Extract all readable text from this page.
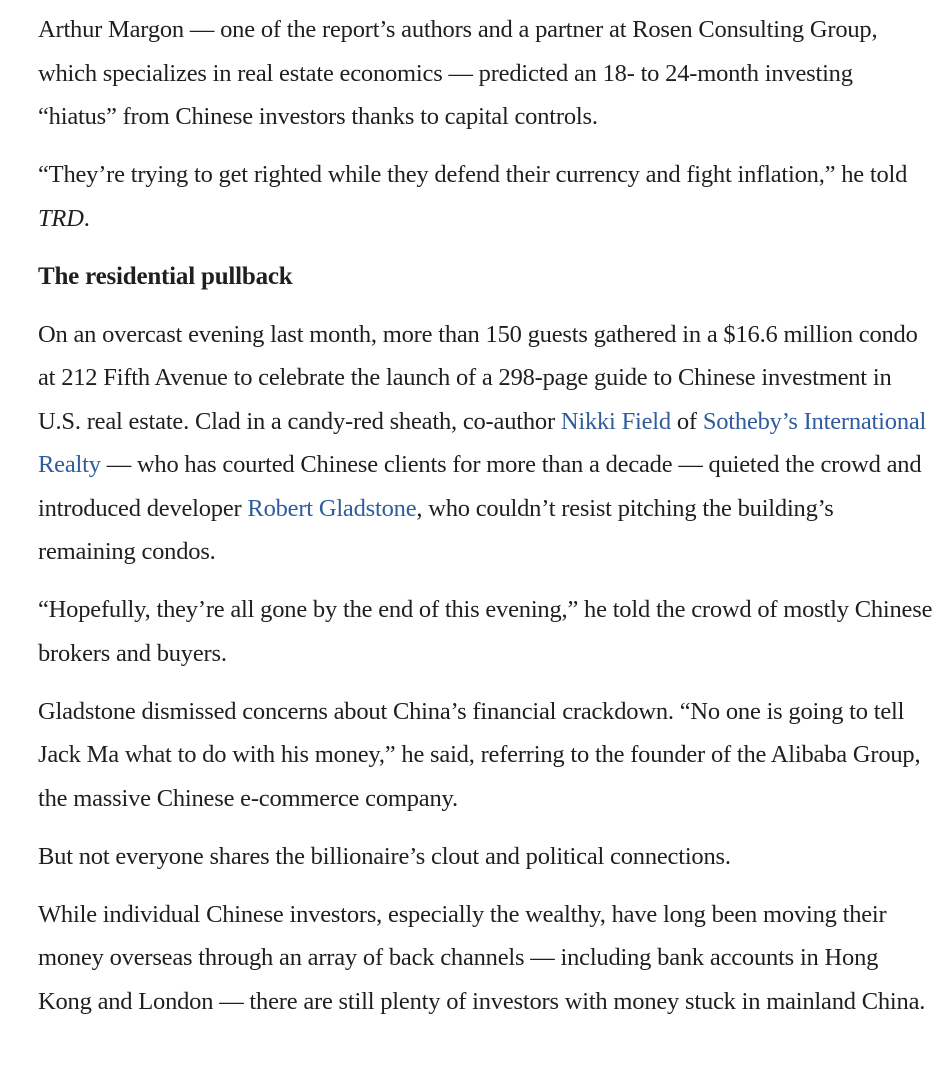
Arthur Margon — one of the report’s authors and a partner at Rosen Consulting Group, which specializes in real estate economics — predicted an 18- to 24-month investing “hiatus” from Chinese investors thanks to capital controls.

“They’re trying to get righted while they defend their currency and fight inflation,” he told TRD.

The residential pullback

On an overcast evening last month, more than 150 guests gathered in a $16.6 million condo at 212 Fifth Avenue to celebrate the launch of a 298-page guide to Chinese investment in U.S. real estate. Clad in a candy-red sheath, co-author Nikki Field of Sotheby’s International Realty — who has courted Chinese clients for more than a decade — quieted the crowd and introduced developer Robert Gladstone, who couldn’t resist pitching the building’s remaining condos.

“Hopefully, they’re all gone by the end of this evening,” he told the crowd of mostly Chinese brokers and buyers.

Gladstone dismissed concerns about China’s financial crackdown. “No one is going to tell Jack Ma what to do with his money,” he said, referring to the founder of the Alibaba Group, the massive Chinese e-commerce company.

But not everyone shares the billionaire’s clout and political connections.

While individual Chinese investors, especially the wealthy, have long been moving their money overseas through an array of back channels — including bank accounts in Hong Kong and London — there are still plenty of investors with money stuck in mainland China.
